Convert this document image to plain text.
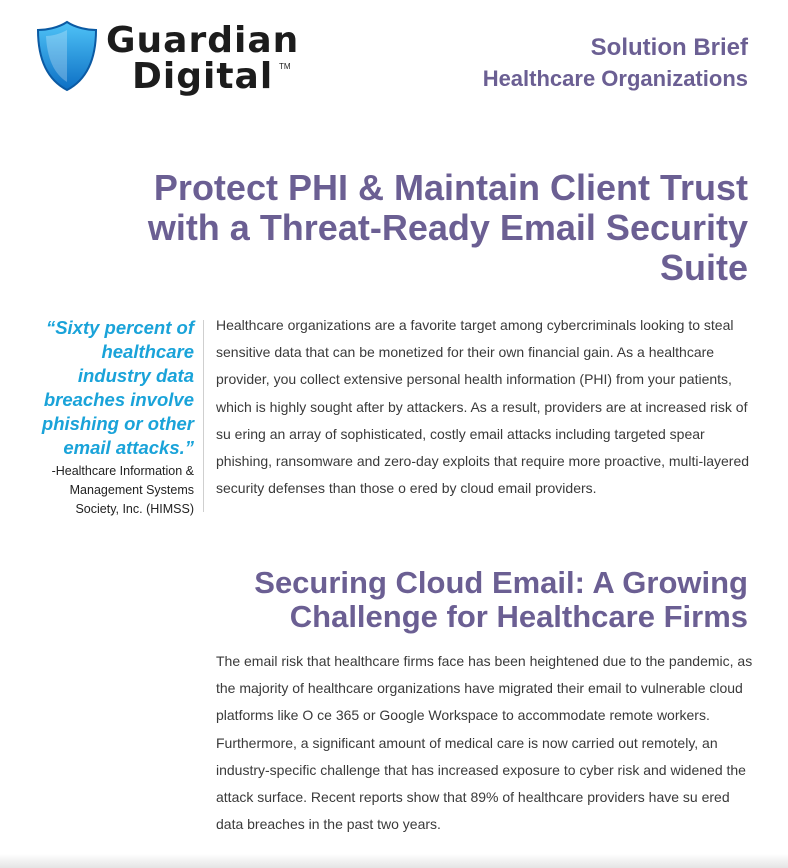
Guardian
Digital TM
Solution Brief
Healthcare Organizations
Protect PHI & Maintain Client Trust with a Threat-Ready Email Security Suite

“Sixty percent of healthcare industry data breaches involve phishing or other email attacks.”

-Healthcare Information & Management Systems Society, Inc. (HIMSS)

Healthcare organizations are a favorite target among cybercriminals looking to steal sensitive data that can be monetized for their own financial gain. As a healthcare provider, you collect extensive personal health information (PHI) from your patients, which is highly sought after by attackers. As a result, providers are at increased risk of su ering an array of sophisticated, costly email attacks including targeted spear phishing, ransomware and zero-day exploits that require more proactive, multi-layered security defenses than those o ered by cloud email providers.

Securing Cloud Email: A Growing Challenge for Healthcare Firms

The email risk that healthcare firms face has been heightened due to the pandemic, as the majority of healthcare organizations have migrated their email to vulnerable cloud platforms like O ce 365 or Google Workspace to accommodate remote workers. Furthermore, a significant amount of medical care is now carried out remotely, an industry-specific challenge that has increased exposure to cyber risk and widened the attack surface. Recent reports show that 89% of healthcare providers have su ered data breaches in the past two years.
